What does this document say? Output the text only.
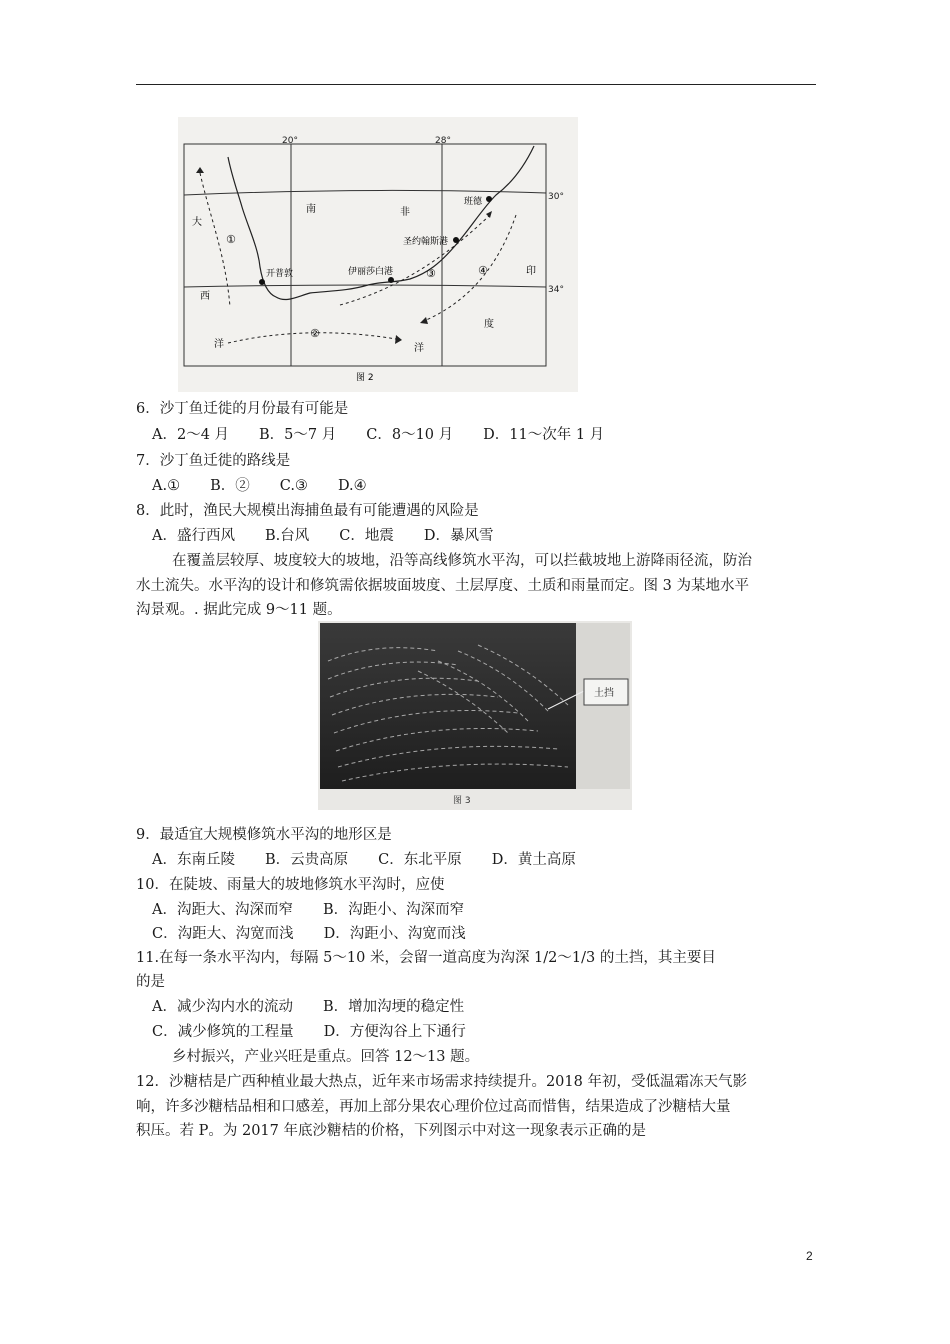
20°	28°
30°
34°
南	非
班德
圣约翰斯港
伊丽莎白港
开普敦	印
度
洋
大
西
洋
①
②
③	④
图 2
土挡
图 3
6．沙丁鱼迁徙的月份最有可能是
A．2～4 月 B．5～7 月 C．8～10 月 D．11～次年 1 月
7．沙丁鱼迁徙的路线是
A.① B．② C.③ D.④
8．此时，渔民大规模出海捕鱼最有可能遭遇的风险是
A．盛行西风 B.台风 C．地震 D．暴风雪
在覆盖层较厚、坡度较大的坡地，沿等高线修筑水平沟，可以拦截坡地上游降雨径流，防治
水土流失。水平沟的设计和修筑需依据坡面坡度、土层厚度、土质和雨量而定。图 3 为某地水平
沟景观。. 据此完成 9～11 题。
9．最适宜大规模修筑水平沟的地形区是
A．东南丘陵 B．云贵高原 C．东北平原 D．黄土高原
10．在陡坡、雨量大的坡地修筑水平沟时，应使
A．沟距大、沟深而窄 B．沟距小、沟深而窄
C．沟距大、沟宽而浅 D．沟距小、沟宽而浅
11.在每一条水平沟内，每隔 5～10 米，会留一道高度为沟深 1/2～1/3 的土挡，其主要目
的是
A．减少沟内水的流动 B．增加沟埂的稳定性
C．减少修筑的工程量 D．方便沟谷上下通行
乡村振兴，产业兴旺是重点。回答 12～13 题。
12．沙糖桔是广西种植业最大热点，近年来市场需求持续提升。2018 年初，受低温霜冻天气影
响，许多沙糖桔品相和口感差，再加上部分果农心理价位过高而惜售，结果造成了沙糖桔大量
积压。若 P。为 2017 年底沙糖桔的价格，下列图示中对这一现象表示正确的是
2
